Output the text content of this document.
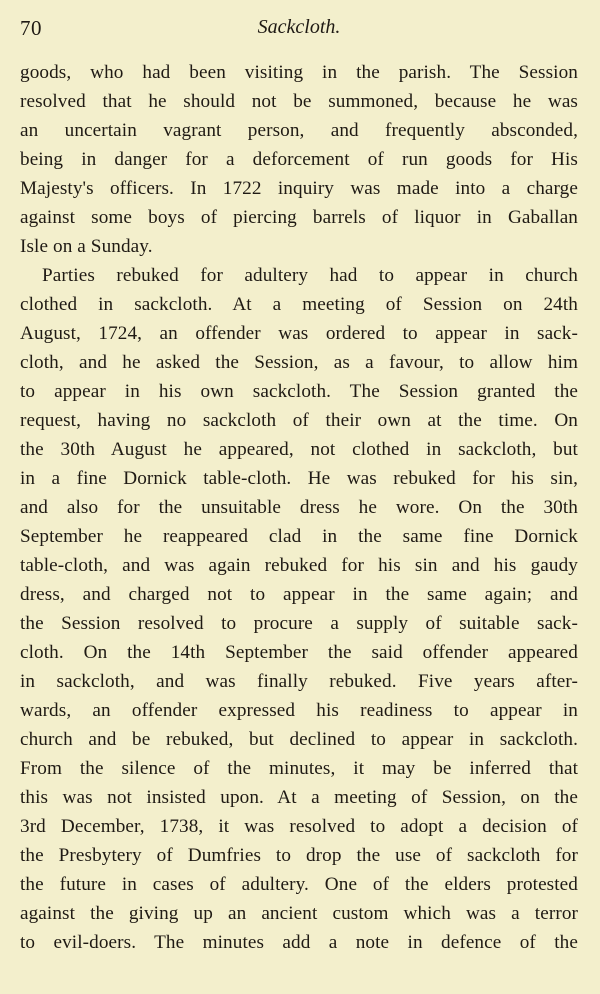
70	Sackcloth.
goods, who had been visiting in the parish. The Session
resolved that he should not be summoned, because he was
an uncertain vagrant person, and frequently absconded,
being in danger for a deforcement of run goods for His
Majesty's officers. In 1722 inquiry was made into a charge
against some boys of piercing barrels of liquor in Gaballan
Isle on a Sunday.
Parties rebuked for adultery had to appear in church
clothed in sackcloth. At a meeting of Session on 24th
August, 1724, an offender was ordered to appear in sack-
cloth, and he asked the Session, as a favour, to allow him
to appear in his own sackcloth. The Session granted the
request, having no sackcloth of their own at the time. On
the 30th August he appeared, not clothed in sackcloth, but
in a fine Dornick table-cloth. He was rebuked for his sin,
and also for the unsuitable dress he wore. On the 30th
September he reappeared clad in the same fine Dornick
table-cloth, and was again rebuked for his sin and his gaudy
dress, and charged not to appear in the same again; and
the Session resolved to procure a supply of suitable sack-
cloth. On the 14th September the said offender appeared
in sackcloth, and was finally rebuked. Five years after-
wards, an offender expressed his readiness to appear in
church and be rebuked, but declined to appear in sackcloth.
From the silence of the minutes, it may be inferred that
this was not insisted upon. At a meeting of Session, on the
3rd December, 1738, it was resolved to adopt a decision of
the Presbytery of Dumfries to drop the use of sackcloth for
the future in cases of adultery. One of the elders protested
against the giving up an ancient custom which was a terror
to evil-doers. The minutes add a note in defence of the
